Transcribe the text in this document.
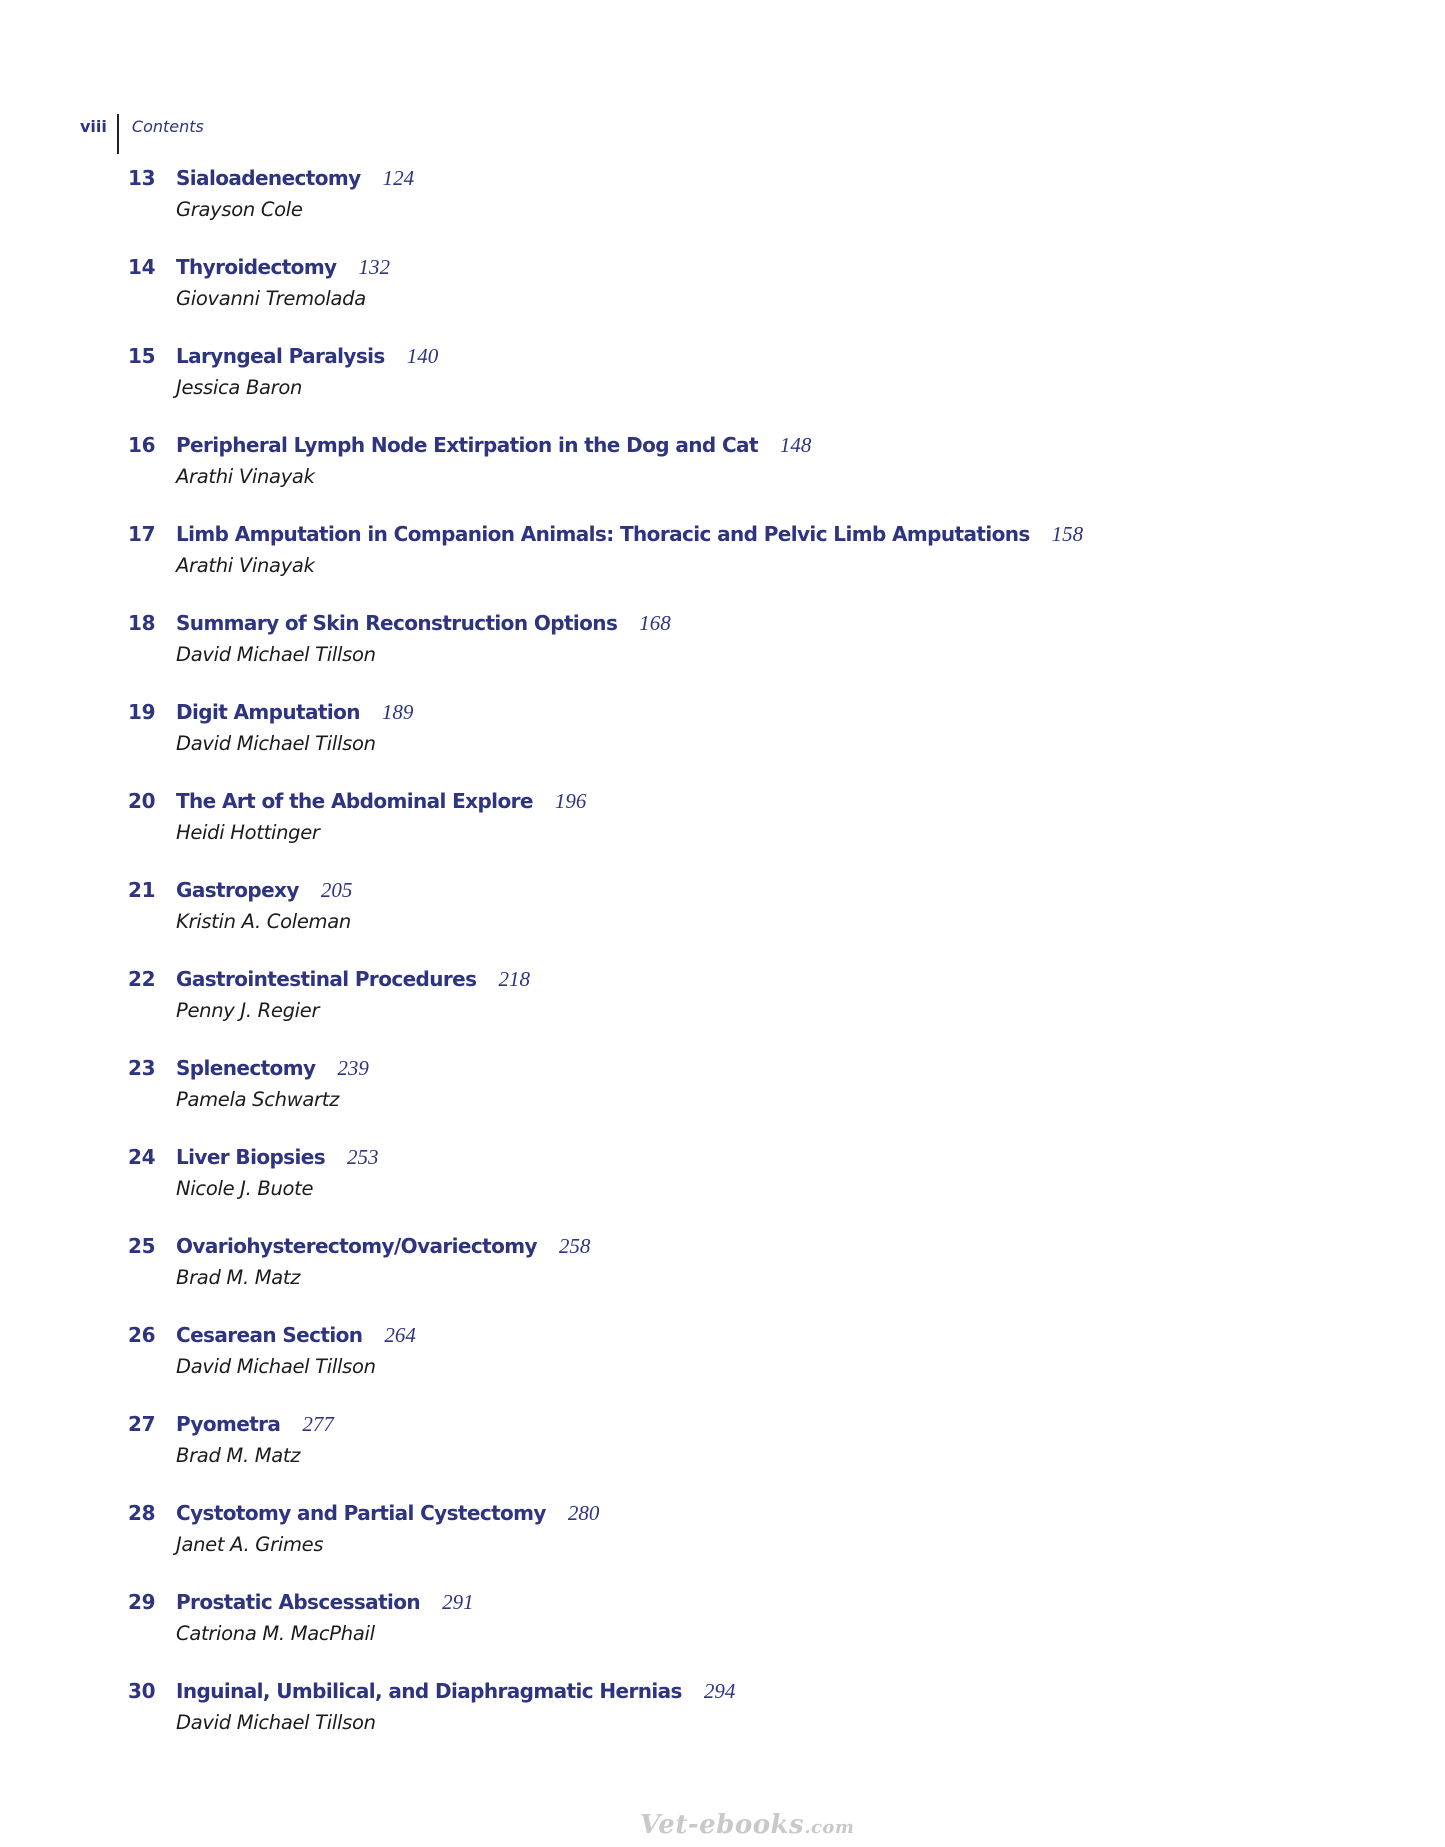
viii	Contents
13	Sialoadenectomy 124
Grayson Cole
14	Thyroidectomy 132
Giovanni Tremolada
15	Laryngeal Paralysis 140
Jessica Baron
16	Peripheral Lymph Node Extirpation in the Dog and Cat 148
Arathi Vinayak
17	Limb Amputation in Companion Animals: Thoracic and Pelvic Limb Amputations 158
Arathi Vinayak
18	Summary of Skin Reconstruction Options 168
David Michael Tillson
19	Digit Amputation 189
David Michael Tillson
20	The Art of the Abdominal Explore 196
Heidi Hottinger
21	Gastropexy 205
Kristin A. Coleman
22	Gastrointestinal Procedures 218
Penny J. Regier
23	Splenectomy 239
Pamela Schwartz
24	Liver Biopsies 253
Nicole J. Buote
25	Ovariohysterectomy/Ovariectomy 258
Brad M. Matz
26	Cesarean Section 264
David Michael Tillson
27	Pyometra 277
Brad M. Matz
28	Cystotomy and Partial Cystectomy 280
Janet A. Grimes
29	Prostatic Abscessation 291
Catriona M. MacPhail
30	Inguinal, Umbilical, and Diaphragmatic Hernias 294
David Michael Tillson
Vet-ebooks.com
